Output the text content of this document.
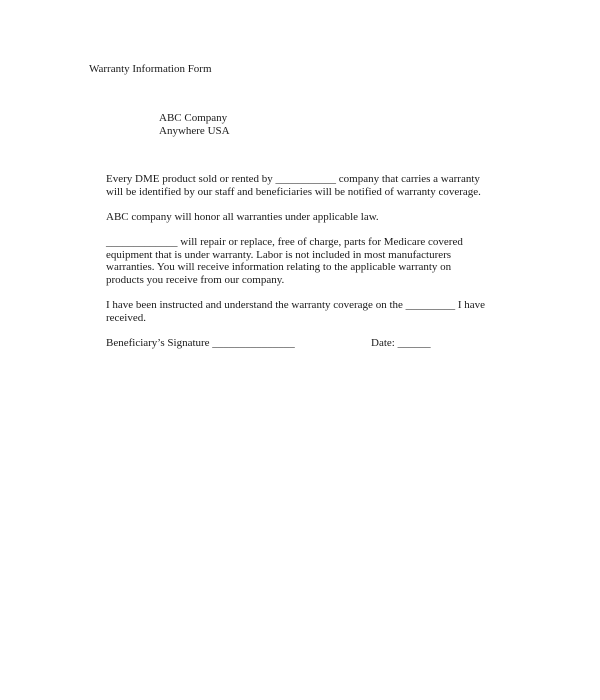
Warranty Information Form
ABC Company
Anywhere USA

Every DME product sold or rented by ___________ company that carries a warranty
will be identified by our staff and beneficiaries will be notified of warranty coverage.

ABC company will honor all warranties under applicable law.

_____________ will repair or replace, free of charge, parts for Medicare covered
equipment that is under warranty. Labor is not included in most manufacturers
warranties. You will receive information relating to the applicable warranty on
products you receive from our company.

I have been instructed and understand the warranty coverage on the _________ I have
received.

Beneficiary’s Signature _______________	Date: ______
